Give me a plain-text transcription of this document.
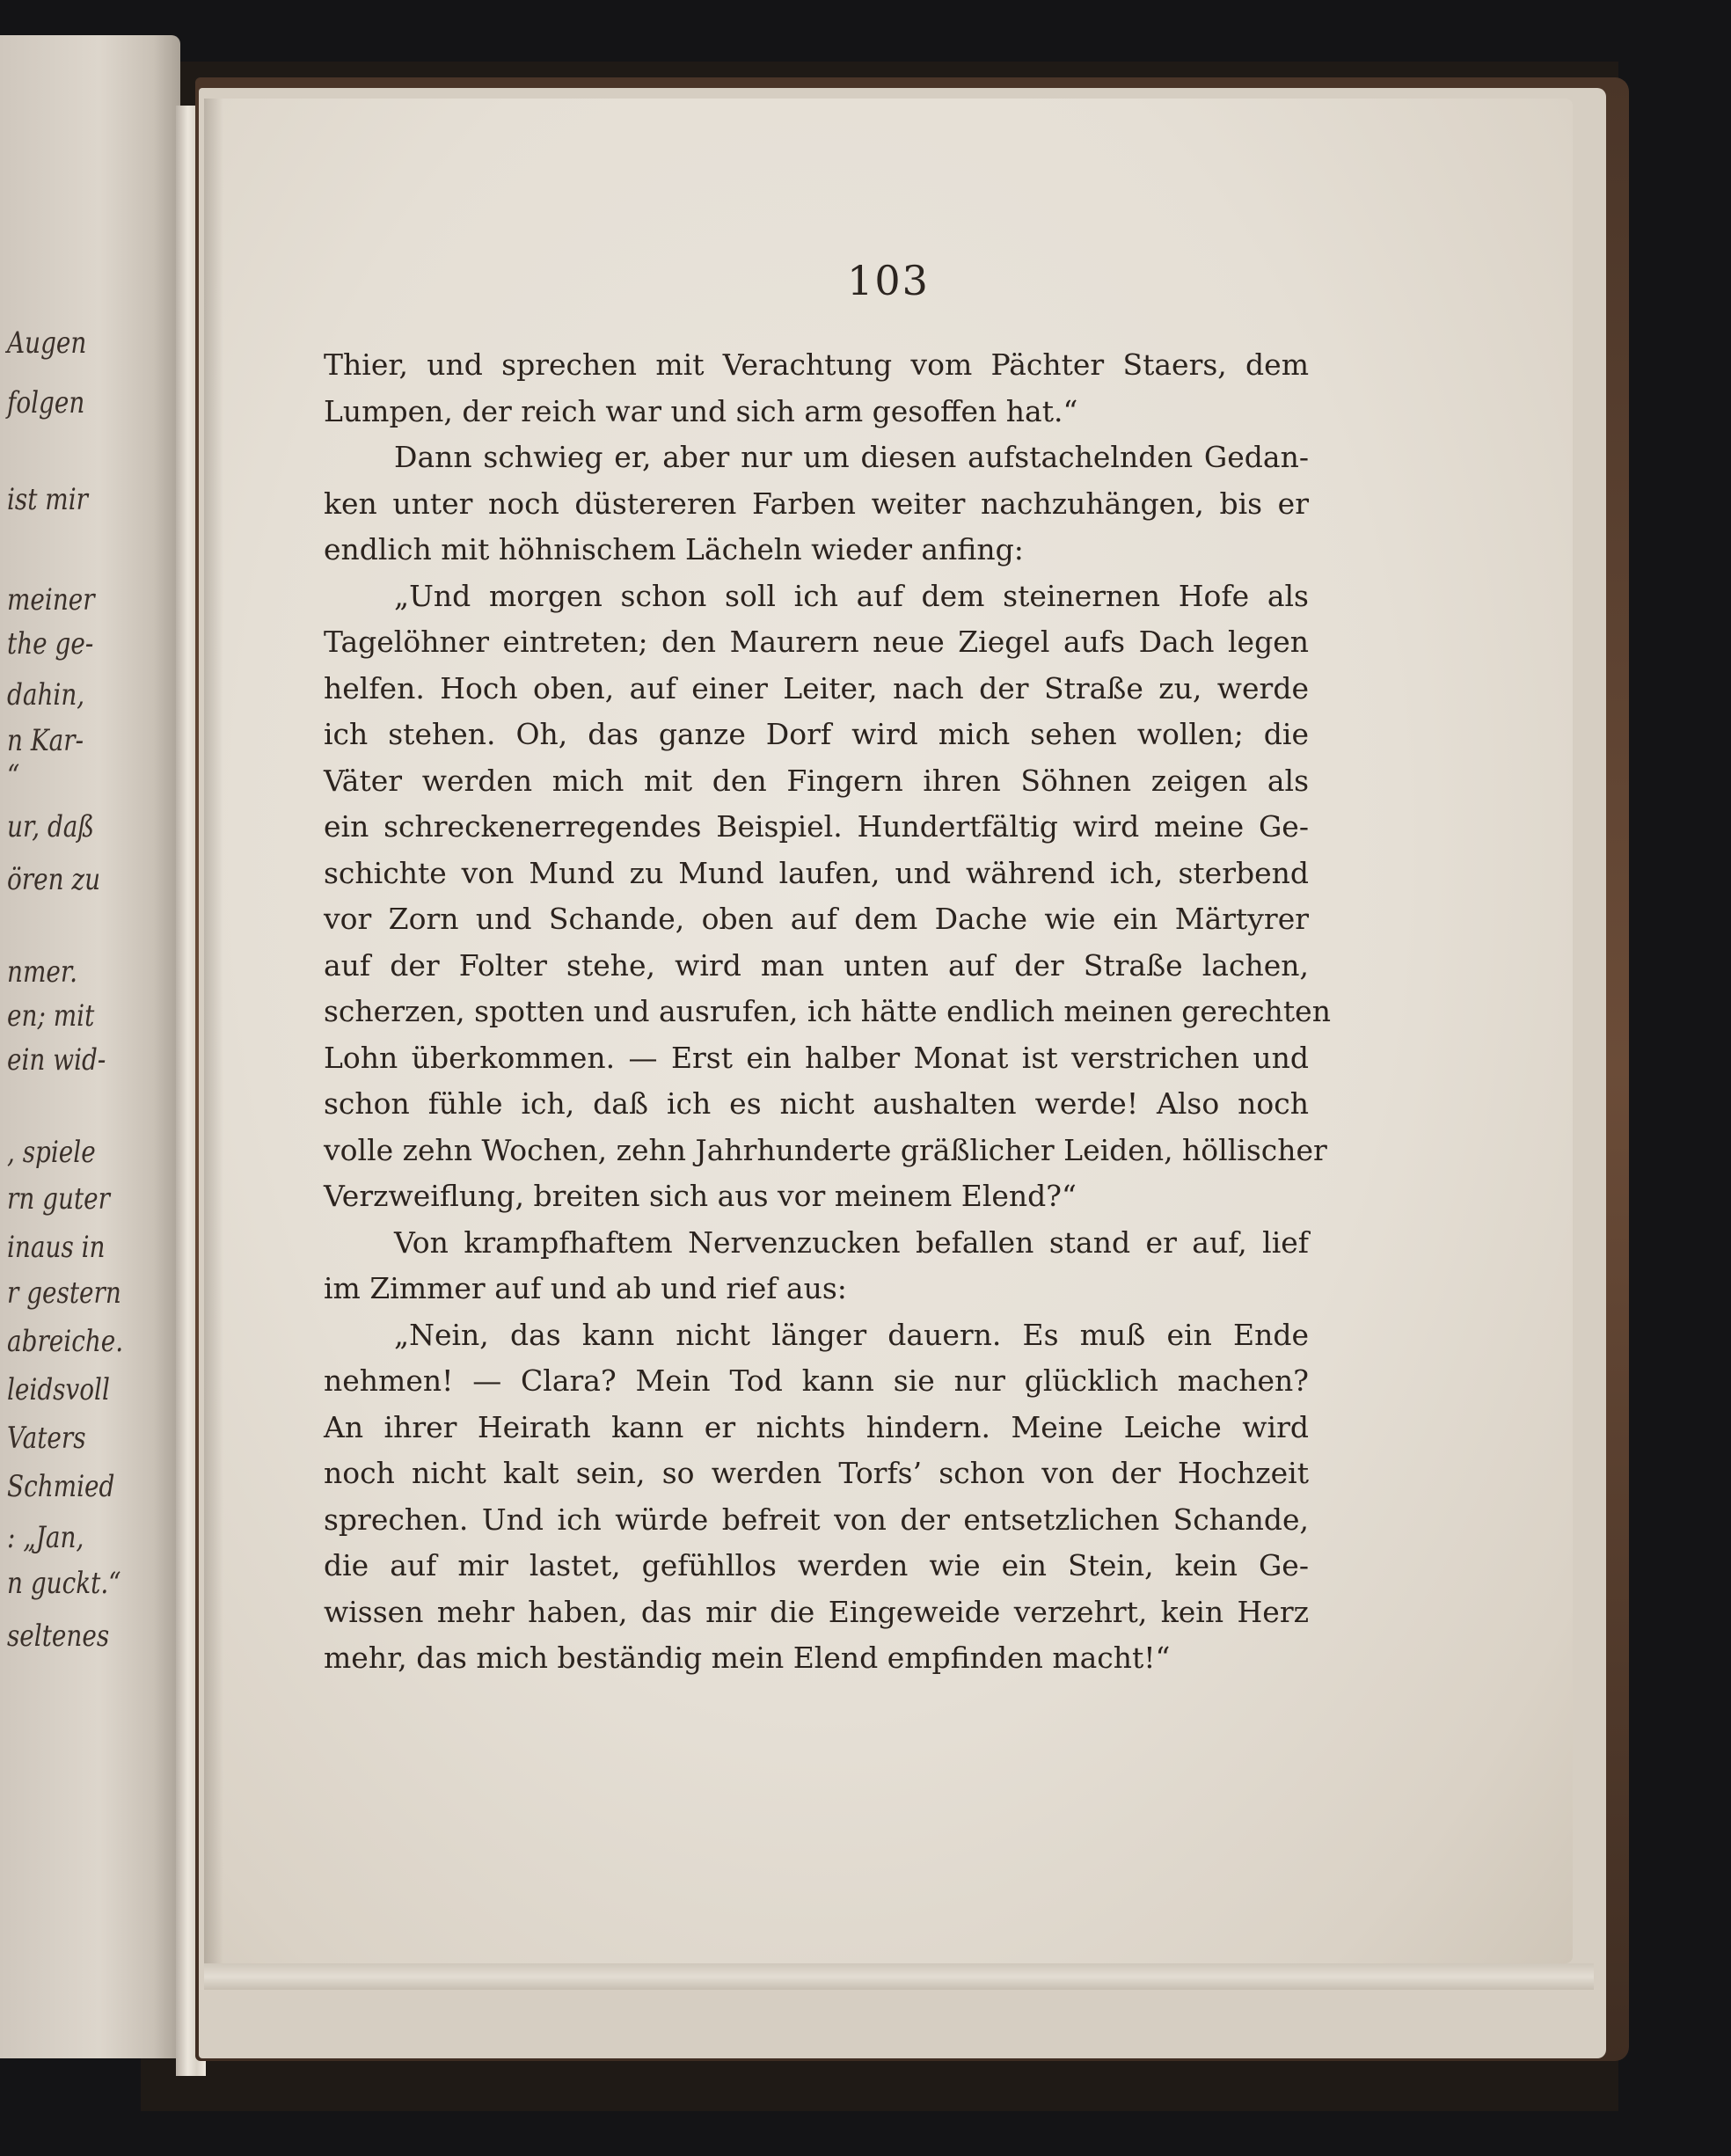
Augen
folgen
ist mir
meiner
the ge-
dahin,
n Kar-
“
ur, daß
ören zu
nmer.
en; mit
ein wid-
, spiele
rn guter
inaus in
r gestern
abreiche.
leidsvoll
Vaters
Schmied
: „Jan,
n guckt.“
seltenes
103
Thier, und sprechen mit Verachtung vom Pächter Staers, dem
Lumpen, der reich war und sich arm gesoffen hat.“
Dann schwieg er, aber nur um diesen aufstachelnden Gedan-
ken unter noch düstereren Farben weiter nachzuhängen, bis er
endlich mit höhnischem Lächeln wieder anfing:
„Und morgen schon soll ich auf dem steinernen Hofe als
Tagelöhner eintreten; den Maurern neue Ziegel aufs Dach legen
helfen. Hoch oben, auf einer Leiter, nach der Straße zu, werde
ich stehen. Oh, das ganze Dorf wird mich sehen wollen; die
Väter werden mich mit den Fingern ihren Söhnen zeigen als
ein schreckenerregendes Beispiel. Hundertfältig wird meine Ge-
schichte von Mund zu Mund laufen, und während ich, sterbend
vor Zorn und Schande, oben auf dem Dache wie ein Märtyrer
auf der Folter stehe, wird man unten auf der Straße lachen,
scherzen, spotten und ausrufen, ich hätte endlich meinen gerechten
Lohn überkommen. — Erst ein halber Monat ist verstrichen und
schon fühle ich, daß ich es nicht aushalten werde! Also noch
volle zehn Wochen, zehn Jahrhunderte gräßlicher Leiden, höllischer
Verzweiflung, breiten sich aus vor meinem Elend?“
Von krampfhaftem Nervenzucken befallen stand er auf, lief
im Zimmer auf und ab und rief aus:
„Nein, das kann nicht länger dauern. Es muß ein Ende
nehmen! — Clara? Mein Tod kann sie nur glücklich machen?
An ihrer Heirath kann er nichts hindern. Meine Leiche wird
noch nicht kalt sein, so werden Torfs’ schon von der Hochzeit
sprechen. Und ich würde befreit von der entsetzlichen Schande,
die auf mir lastet, gefühllos werden wie ein Stein, kein Ge-
wissen mehr haben, das mir die Eingeweide verzehrt, kein Herz
mehr, das mich beständig mein Elend empfinden macht!“
